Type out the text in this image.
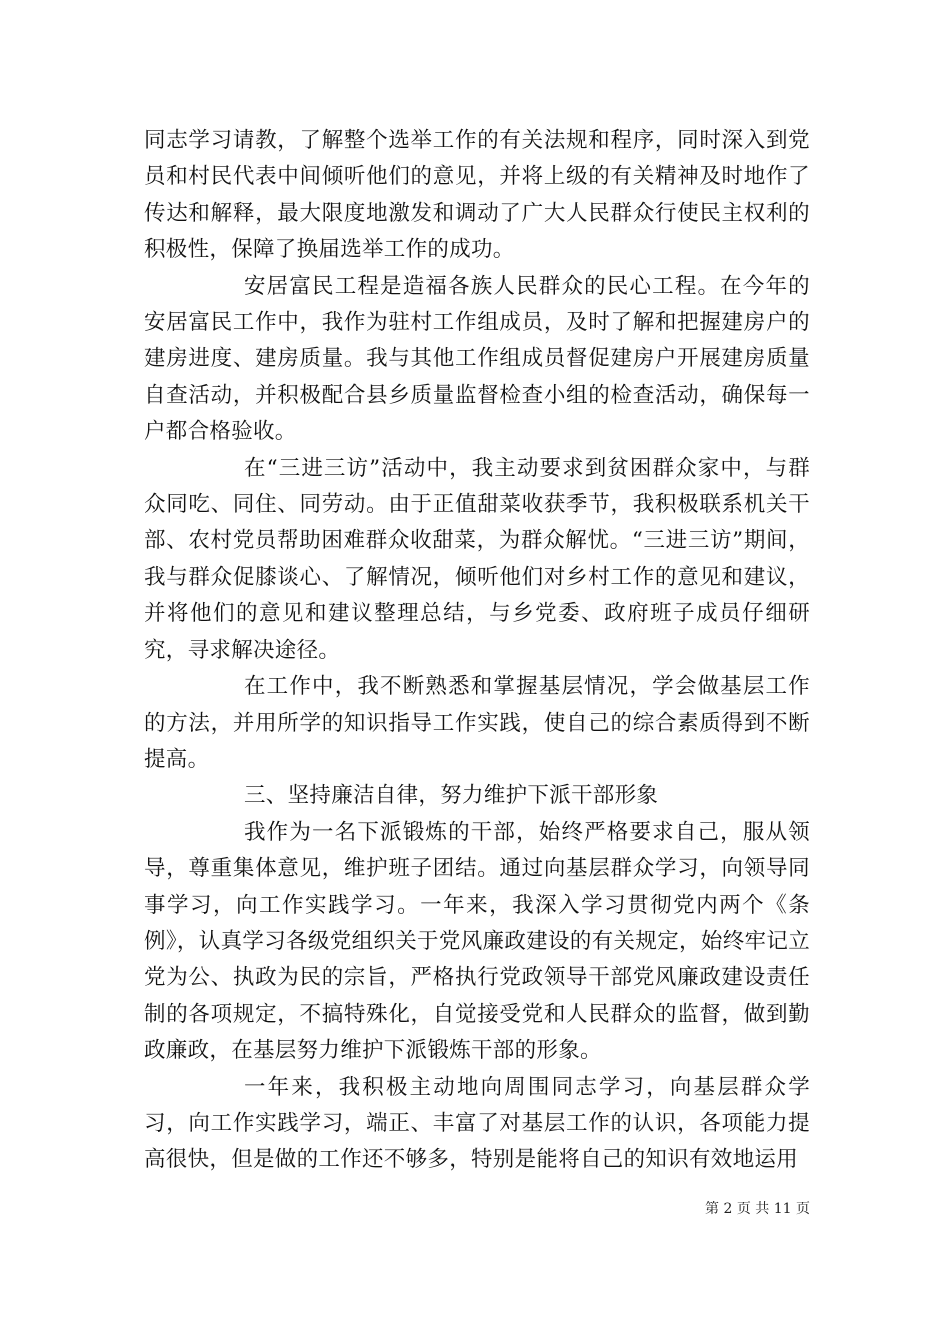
同志学习请教，了解整个选举工作的有关法规和程序，同时深入到党员和村民代表中间倾听他们的意见，并将上级的有关精神及时地作了传达和解释，最大限度地激发和调动了广大人民群众行使民主权利的积极性，保障了换届选举工作的成功。

安居富民工程是造福各族人民群众的民心工程。在今年的安居富民工作中，我作为驻村工作组成员，及时了解和把握建房户的建房进度、建房质量。我与其他工作组成员督促建房户开展建房质量自查活动，并积极配合县乡质量监督检查小组的检查活动，确保每一户都合格验收。

在“三进三访”活动中，我主动要求到贫困群众家中，与群众同吃、同住、同劳动。由于正值甜菜收获季节，我积极联系机关干部、农村党员帮助困难群众收甜菜，为群众解忧。“三进三访”期间，我与群众促膝谈心、了解情况，倾听他们对乡村工作的意见和建议，并将他们的意见和建议整理总结，与乡党委、政府班子成员仔细研究，寻求解决途径。

在工作中，我不断熟悉和掌握基层情况，学会做基层工作的方法，并用所学的知识指导工作实践，使自己的综合素质得到不断提高。

三、坚持廉洁自律，努力维护下派干部形象

我作为一名下派锻炼的干部，始终严格要求自己，服从领导，尊重集体意见，维护班子团结。通过向基层群众学习，向领导同事学习，向工作实践学习。一年来，我深入学习贯彻党内两个《条例》，认真学习各级党组织关于党风廉政建设的有关规定，始终牢记立党为公、执政为民的宗旨，严格执行党政领导干部党风廉政建设责任制的各项规定，不搞特殊化，自觉接受党和人民群众的监督，做到勤政廉政，在基层努力维护下派锻炼干部的形象。

一年来，我积极主动地向周围同志学习，向基层群众学习，向工作实践学习，端正、丰富了对基层工作的认识，各项能力提高很快，但是做的工作还不够多，特别是能将自己的知识有效地运用

第 2 页 共 11 页
